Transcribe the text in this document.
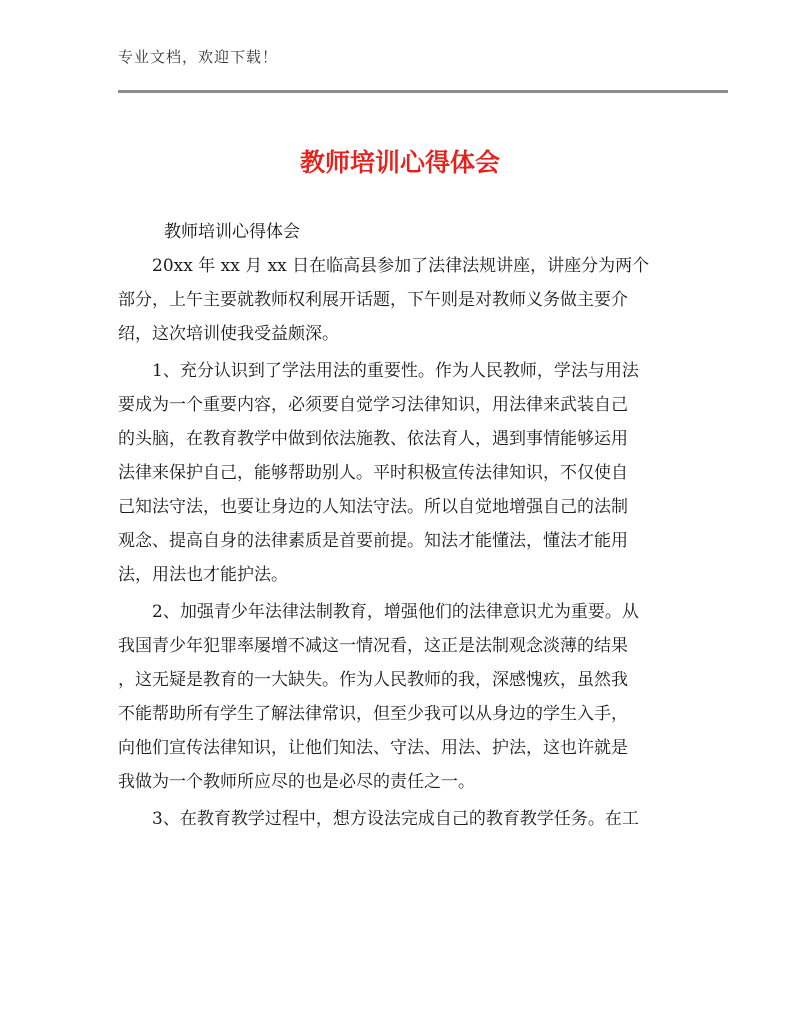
专业文档，欢迎下载！
教师培训心得体会
教师培训心得体会
20xx 年 xx 月 xx 日在临高县参加了法律法规讲座，讲座分为两个
部分，上午主要就教师权利展开话题，下午则是对教师义务做主要介
绍，这次培训使我受益颇深。
1、充分认识到了学法用法的重要性。作为人民教师，学法与用法
要成为一个重要内容，必须要自觉学习法律知识，用法律来武装自己
的头脑，在教育教学中做到依法施教、依法育人，遇到事情能够运用
法律来保护自己，能够帮助别人。平时积极宣传法律知识，不仅使自
己知法守法，也要让身边的人知法守法。所以自觉地增强自己的法制
观念、提高自身的法律素质是首要前提。知法才能懂法，懂法才能用
法，用法也才能护法。
2、加强青少年法律法制教育，增强他们的法律意识尤为重要。从
我国青少年犯罪率屡增不减这一情况看，这正是法制观念淡薄的结果
，这无疑是教育的一大缺失。作为人民教师的我，深感愧疚，虽然我
不能帮助所有学生了解法律常识，但至少我可以从身边的学生入手，
向他们宣传法律知识，让他们知法、守法、用法、护法，这也许就是
我做为一个教师所应尽的也是必尽的责任之一。
3、在教育教学过程中，想方设法完成自己的教育教学任务。在工
